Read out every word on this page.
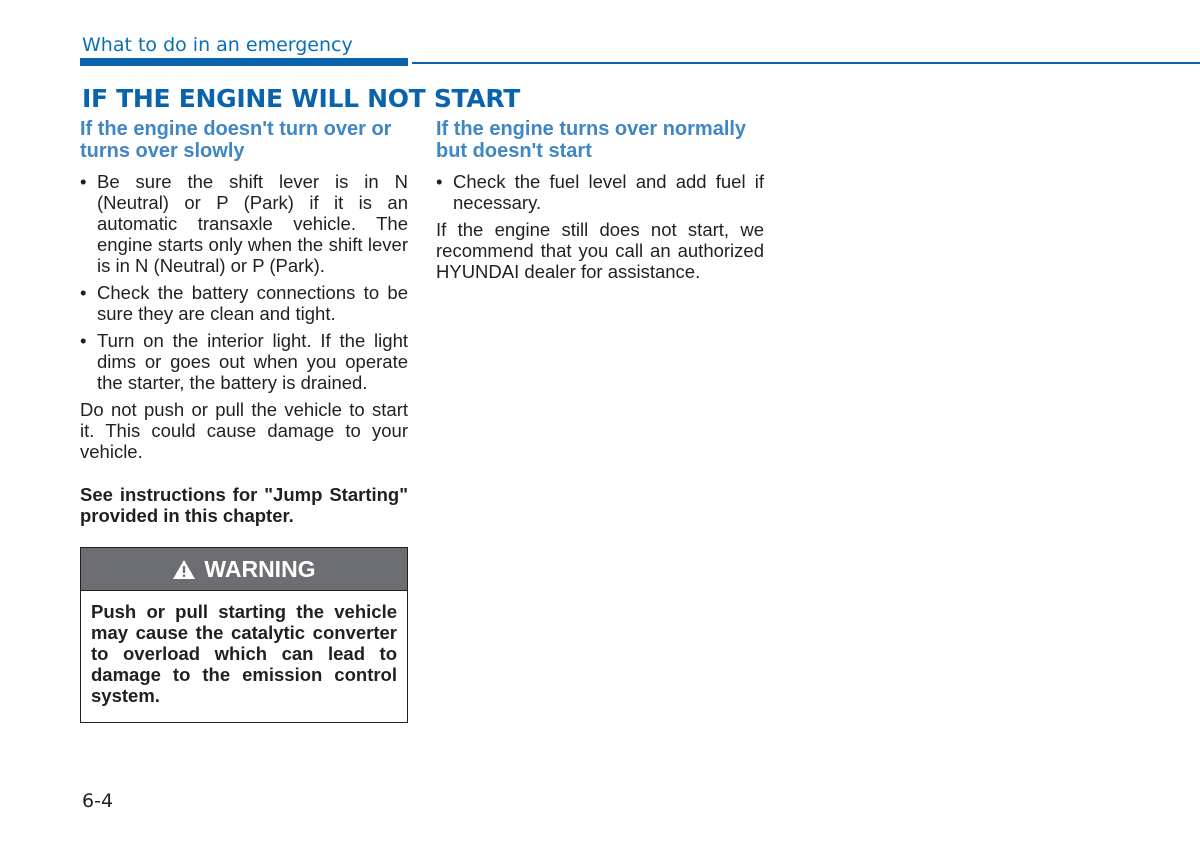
What to do in an emergency
IF THE ENGINE WILL NOT START
If the engine doesn't turn over or turns over slowly
• Be sure the shift lever is in N (Neutral) or P (Park) if it is an automatic transaxle vehicle. The engine starts only when the shift lever is in N (Neutral) or P (Park).
• Check the battery connections to be sure they are clean and tight.
• Turn on the interior light. If the light dims or goes out when you operate the starter, the battery is drained.

Do not push or pull the vehicle to start it. This could cause damage to your vehicle.

See instructions for "Jump Starting" provided in this chapter.

WARNING
Push or pull starting the vehicle may cause the catalytic converter to overload which can lead to damage to the emission control system.
If the engine turns over normally but doesn't start
• Check the fuel level and add fuel if necessary.

If the engine still does not start, we recommend that you call an authorized HYUNDAI dealer for assistance.

6-4
